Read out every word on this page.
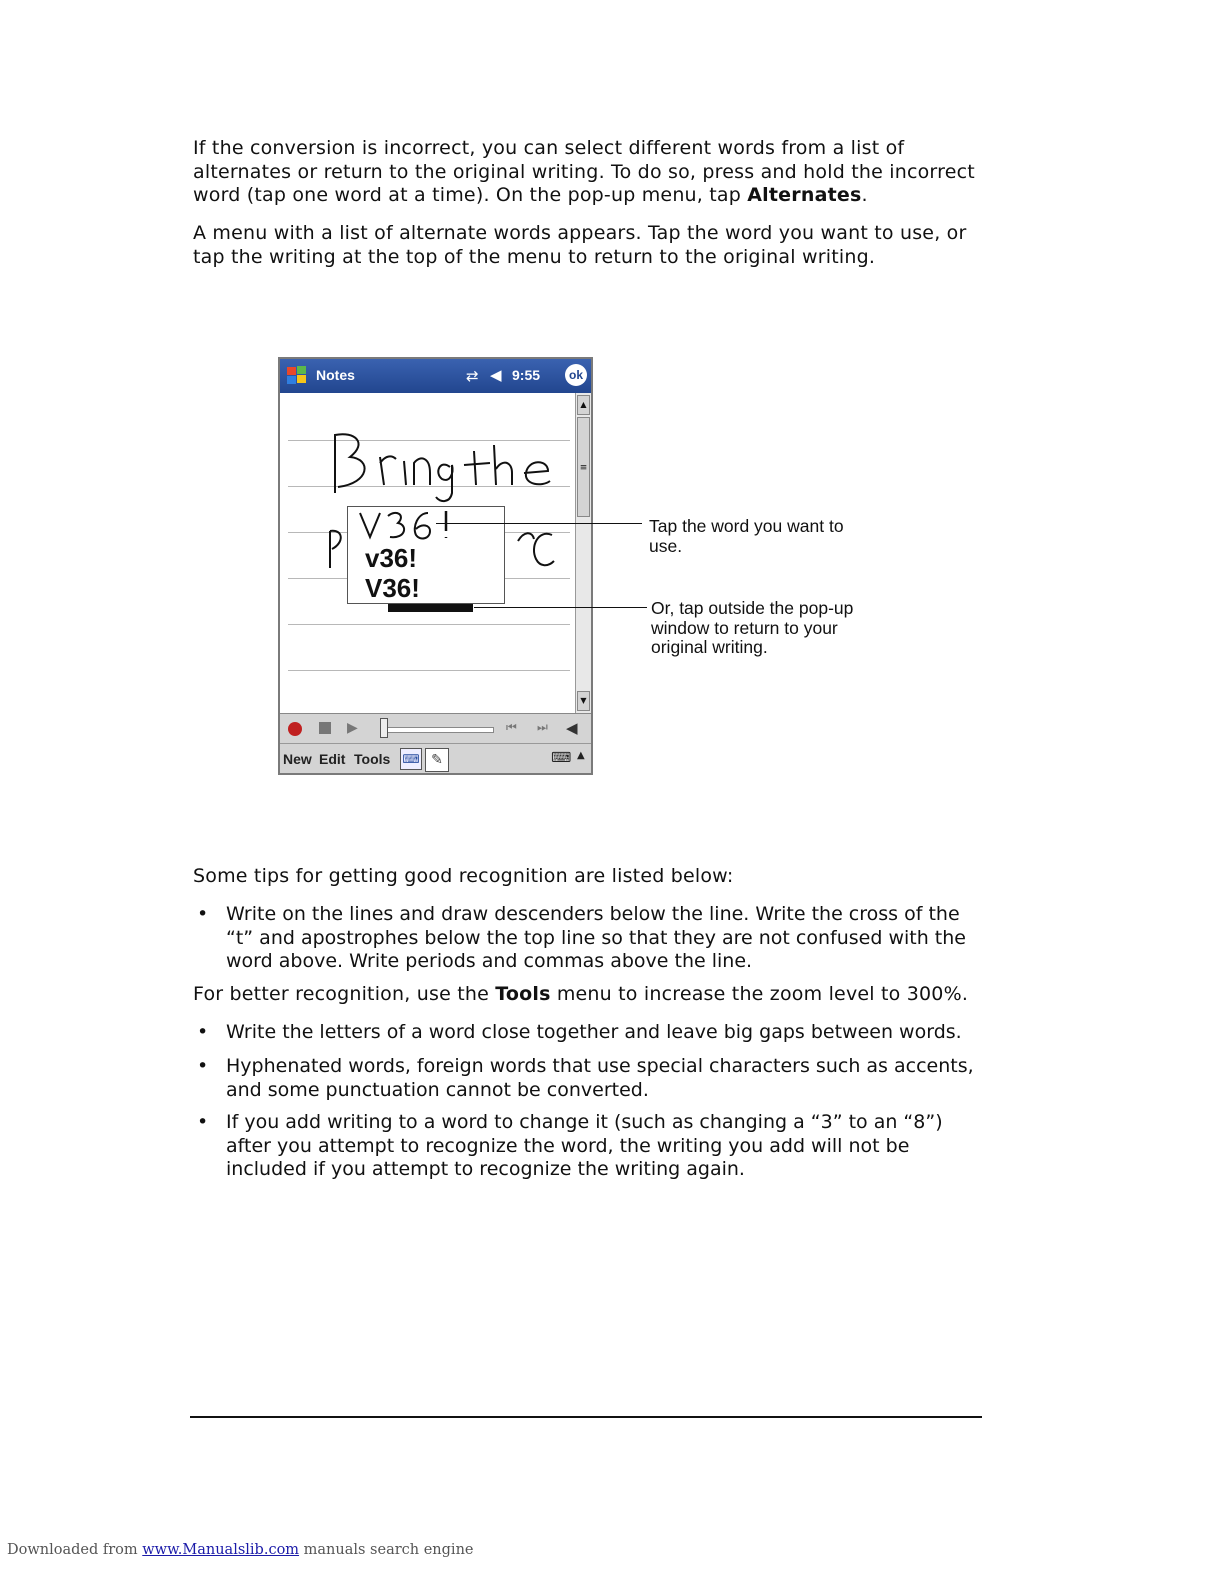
If the conversion is incorrect, you can select different words from a list of alternates or return to the original writing. To do so, press and hold the incorrect word (tap one word at a time). On the pop-up menu, tap Alternates.
A menu with a list of alternate words appears. Tap the word you want to use, or tap the writing at the top of the menu to return to the original writing.
Notes	⇄ ◀ 9:55	ok
v36!
V36!
▲
≡
▼
▶	⏮ ⏭ ◀
New Edit Tools ⌨ ✎	⌨ ▲
Tap the word you want to use.
Or, tap outside the pop-up window to return to your original writing.
Some tips for getting good recognition are listed below:
• Write on the lines and draw descenders below the line. Write the cross of the “t” and apostrophes below the top line so that they are not confused with the word above. Write periods and commas above the line.
For better recognition, use the Tools menu to increase the zoom level to 300%.
• Write the letters of a word close together and leave big gaps between words.
• Hyphenated words, foreign words that use special characters such as accents, and some punctuation cannot be converted.
• If you add writing to a word to change it (such as changing a “3” to an “8”) after you attempt to recognize the word, the writing you add will not be included if you attempt to recognize the writing again.
Downloaded from www.Manualslib.com manuals search engine
